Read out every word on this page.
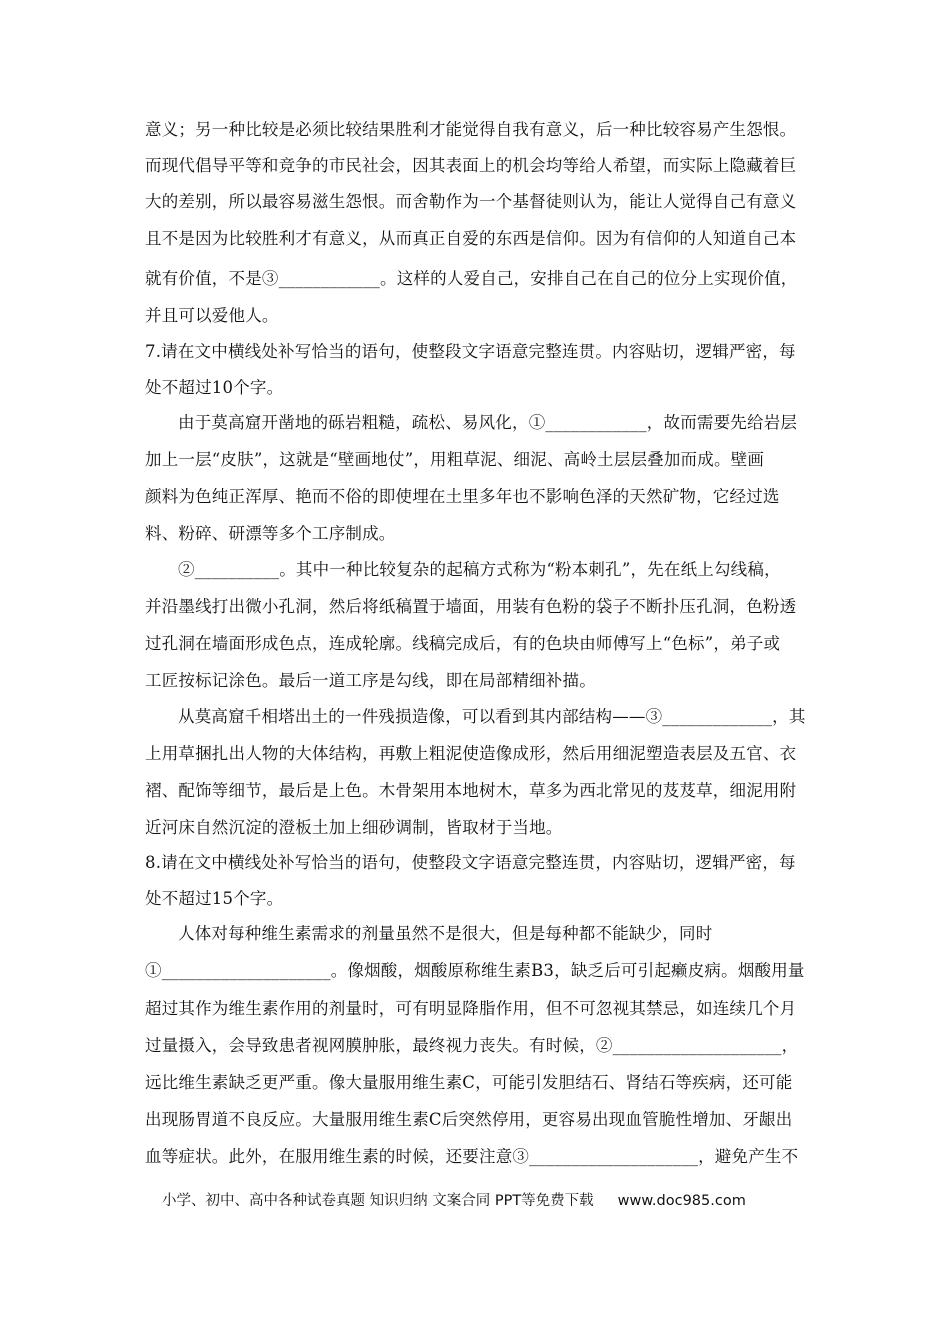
意义；另一种比较是必须比较结果胜利才能觉得自我有意义，后一种比较容易产生怨恨。
而现代倡导平等和竞争的市民社会，因其表面上的机会均等给人希望，而实际上隐藏着巨
大的差别，所以最容易滋生怨恨。而舍勒作为一个基督徒则认为，能让人觉得自己有意义
且不是因为比较胜利才有意义，从而真正自爱的东西是信仰。因为有信仰的人知道自己本
就有价值，不是③____________。这样的人爱自己，安排自己在自己的位分上实现价值，
并且可以爱他人。
7.请在文中横线处补写恰当的语句，使整段文字语意完整连贯。内容贴切，逻辑严密，每
处不超过10个字。
由于莫高窟开凿地的砾岩粗糙，疏松、易风化，①____________，故而需要先给岩层
加上一层“皮肤”，这就是“壁画地仗”，用粗草泥、细泥、高岭土层层叠加而成。壁画
颜料为色纯正浑厚、艳而不俗的即使埋在土里多年也不影响色泽的天然矿物，它经过选
料、粉碎、研漂等多个工序制成。
②__________。其中一种比较复杂的起稿方式称为“粉本刺孔”，先在纸上勾线稿，
并沿墨线打出微小孔洞，然后将纸稿置于墙面，用装有色粉的袋子不断扑压孔洞，色粉透
过孔洞在墙面形成色点，连成轮廓。线稿完成后，有的色块由师傅写上“色标”，弟子或
工匠按标记涂色。最后一道工序是勾线，即在局部精细补描。
从莫高窟千相塔出土的一件残损造像，可以看到其内部结构——③_____________，其
上用草捆扎出人物的大体结构，再敷上粗泥使造像成形，然后用细泥塑造表层及五官、衣
褶、配饰等细节，最后是上色。木骨架用本地树木，草多为西北常见的芨芨草，细泥用附
近河床自然沉淀的澄板土加上细砂调制，皆取材于当地。
8.请在文中横线处补写恰当的语句，使整段文字语意完整连贯，内容贴切，逻辑严密，每
处不超过15个字。
人体对每种维生素需求的剂量虽然不是很大，但是每种都不能缺少，同时
①____________________。像烟酸，烟酸原称维生素B3，缺乏后可引起癞皮病。烟酸用量
超过其作为维生素作用的剂量时，可有明显降脂作用，但不可忽视其禁忌，如连续几个月
过量摄入，会导致患者视网膜肿胀，最终视力丧失。有时候，②____________________，
远比维生素缺乏更严重。像大量服用维生素C，可能引发胆结石、肾结石等疾病，还可能
出现肠胃道不良反应。大量服用维生素C后突然停用，更容易出现血管脆性增加、牙龈出
血等症状。此外，在服用维生素的时候，还要注意③____________________，避免产生不
小学、初中、高中各种试卷真题 知识归纳 文案合同 PPT等免费下载 www.doc985.com
